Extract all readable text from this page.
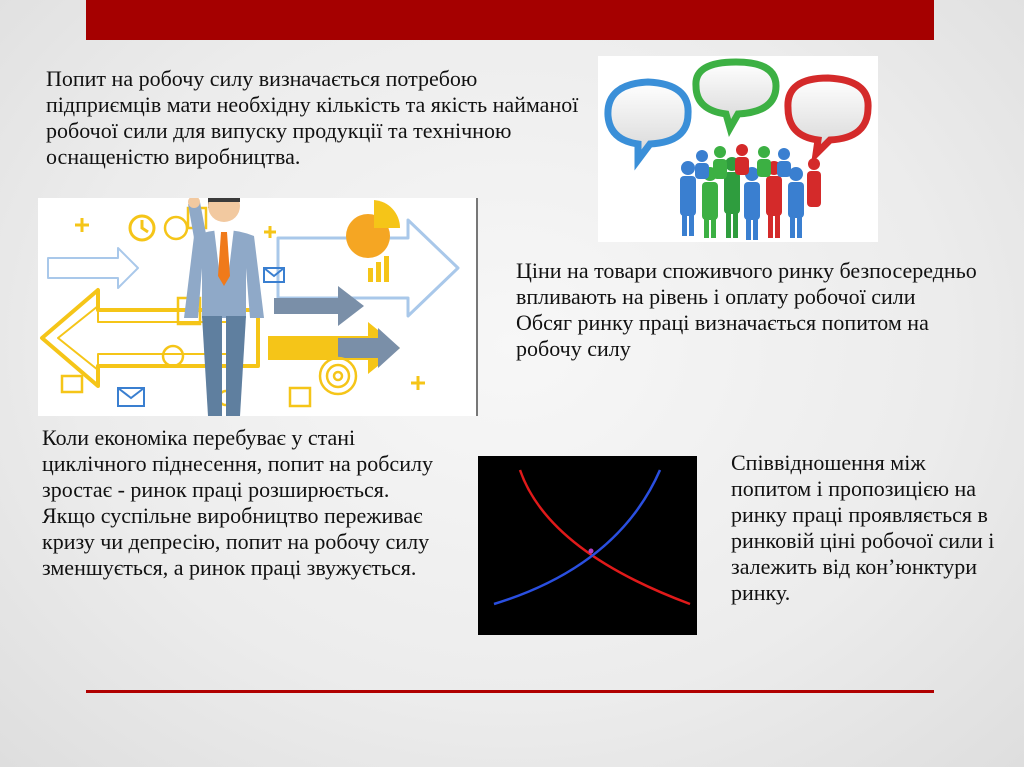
Попит на робочу силу визначається потребою підприємців мати необхідну кількість та якість найманої робочої сили для випуску продукції та технічною оснащеністю виробництва.

Ціни на товари споживчого ринку безпосередньо впливають на рівень і оплату робочої сили

Обсяг ринку праці визначається попитом на робочу силу

Коли економіка перебуває у стані циклічного піднесення, попит на робсилу зростає - ринок праці розширюється.

Якщо суспільне виробництво переживає кризу чи депресію, попит на робочу силу зменшується, а ринок праці звужується.

Співвідношення між попитом і пропозицією на ринку праці проявляється в ринковій ціні робочої сили і залежить від кон’юнктури ринку.
